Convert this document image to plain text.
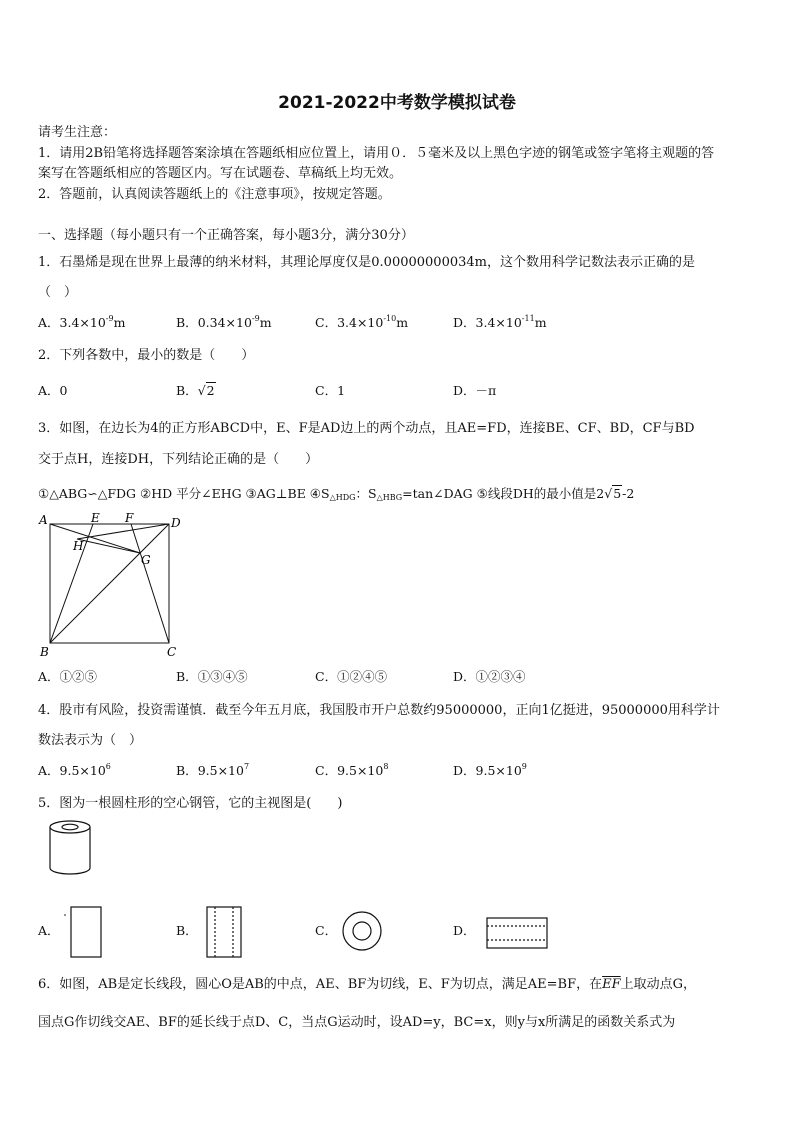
2021-2022中考数学模拟试卷
请考生注意：
1．请用2B铅笔将选择题答案涂填在答题纸相应位置上，请用０．５毫米及以上黑色字迹的钢笔或签字笔将主观题的答
案写在答题纸相应的答题区内。写在试题卷、草稿纸上均无效。
2．答题前，认真阅读答题纸上的《注意事项》，按规定答题。
一、选择题（每小题只有一个正确答案，每小题3分，满分30分）
1．石墨烯是现在世界上最薄的纳米材料，其理论厚度仅是0.00000000034m，这个数用科学记数法表示正确的是
（　）
A．$3.4\times 10^{-9}m$	B．$0.34\times 10^{-9}m$	C．$3.4\times 10^{-10}m$	D．$3.4\times 10^{-11}m$
2．下列各数中，最小的数是（　　）
A．0	B．√2	C．1	D．－π
3．如图，在边长为4的正方形ABCD中，E、F是AD边上的两个动点，且AE=FD，连接BE、CF、BD，CF与BD
交于点H，连接DH，下列结论正确的是（　　）
①△ABG∽△FDG ②HD 平分∠EHG ③AG⊥BE $④S_{\triangle HDG}$：$S_{\triangle HBG}=\tan\angle DAG$ ⑤线段DH的最小值是2√5-2
A	E F	D
H
G
B	C
A．①②⑤	B．①③④⑤	C．①②④⑤	D．①②③④
4．股市有风险，投资需谨慎．截至今年五月底，我国股市开户总数约95000000，正向1亿挺进，95000000用科学计
数法表示为（　）
A．$9.5\times 10^6$	B．$9.5\times 10^7$	C．$9.5\times 10^8$	D．$9.5\times 10^9$
5．图为一根圆柱形的空心钢管，它的主视图是(　　)
A．	B．	C．	D．
6．如图，AB是定长线段，圆心O是AB的中点，AE、BF为切线，E、F为切点，满足AE=BF，在$\overline{EF}$上取动点G，
国点G作切线交AE、BF的延长线于点D、C，当点G运动时，设AD=y，BC=x，则y与x所满足的函数关系式为
